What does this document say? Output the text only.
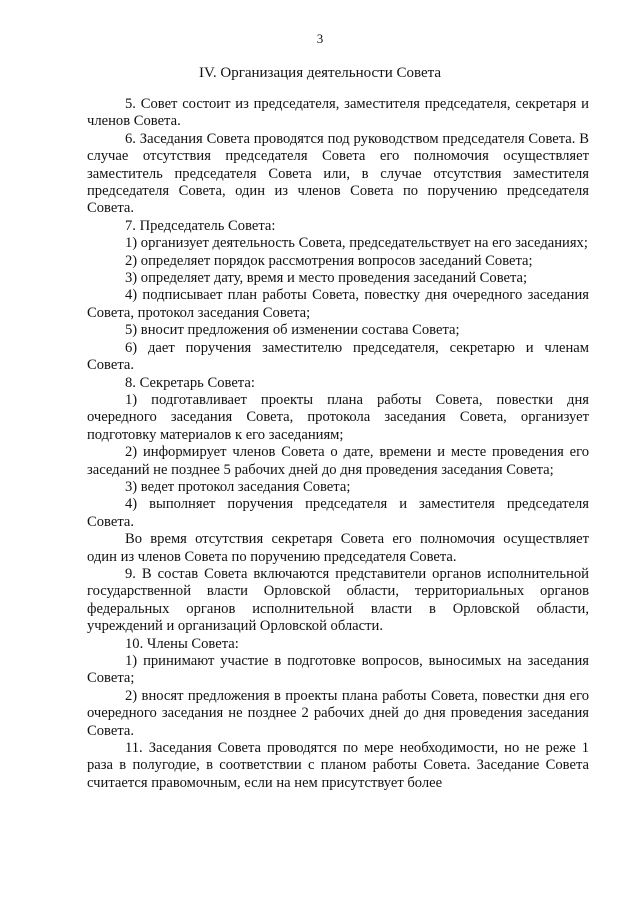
3
IV. Организация деятельности Совета

5. Совет состоит из председателя, заместителя председателя, секретаря и членов Совета.

6. Заседания Совета проводятся под руководством председателя Совета. В случае отсутствия председателя Совета его полномочия осуществляет заместитель председателя Совета или, в случае отсутствия заместителя председателя Совета, один из членов Совета по поручению председателя Совета.

7. Председатель Совета:

1) организует деятельность Совета, председательствует на его заседаниях;

2) определяет порядок рассмотрения вопросов заседаний Совета;

3) определяет дату, время и место проведения заседаний Совета;

4) подписывает план работы Совета, повестку дня очередного заседания Совета, протокол заседания Совета;

5) вносит предложения об изменении состава Совета;

6) дает поручения заместителю председателя, секретарю и членам Совета.

8. Секретарь Совета:

1) подготавливает проекты плана работы Совета, повестки дня очередного заседания Совета, протокола заседания Совета, организует подготовку материалов к его заседаниям;

2) информирует членов Совета о дате, времени и месте проведения его заседаний не позднее 5 рабочих дней до дня проведения заседания Совета;

3) ведет протокол заседания Совета;

4) выполняет поручения председателя и заместителя председателя Совета.

Во время отсутствия секретаря Совета его полномочия осуществляет один из членов Совета по поручению председателя Совета.

9. В состав Совета включаются представители органов исполнительной государственной власти Орловской области, территориальных органов федеральных органов исполнительной власти в Орловской области, учреждений и организаций Орловской области.

10. Члены Совета:

1) принимают участие в подготовке вопросов, выносимых на заседания Совета;

2) вносят предложения в проекты плана работы Совета, повестки дня его очередного заседания не позднее 2 рабочих дней до дня проведения заседания Совета.

11. Заседания Совета проводятся по мере необходимости, но не реже 1 раза в полугодие, в соответствии с планом работы Совета. Заседание Совета считается правомочным, если на нем присутствует более
